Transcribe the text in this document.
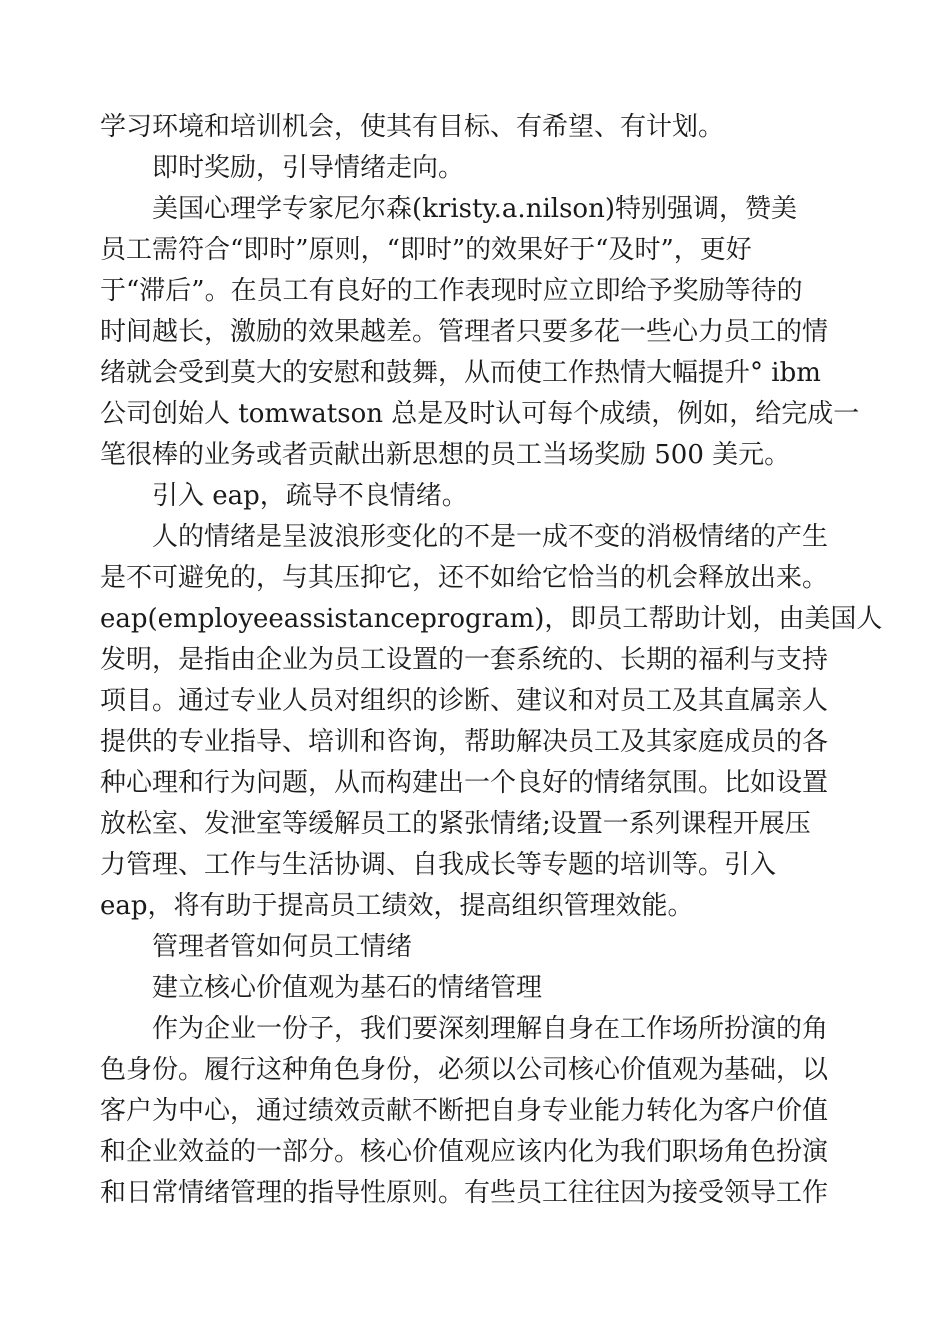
学习环境和培训机会，使其有目标、有希望、有计划。
即时奖励，引导情绪走向。
美国心理学专家尼尔森(kristy.a.nilson)特别强调，赞美
员工需符合“即时”原则，“即时”的效果好于“及时”，更好
于“滞后”。在员工有良好的工作表现时应立即给予奖励等待的
时间越长，激励的效果越差。管理者只要多花一些心力员工的情
绪就会受到莫大的安慰和鼓舞，从而使工作热情大幅提升° ibm
公司创始人 tomwatson 总是及时认可每个成绩，例如，给完成一
笔很棒的业务或者贡献出新思想的员工当场奖励 500 美元。
引入 eap，疏导不良情绪。
人的情绪是呈波浪形变化的不是一成不变的消极情绪的产生
是不可避免的，与其压抑它，还不如给它恰当的机会释放出来。
eap(employeeassistanceprogram)，即员工帮助计划，由美国人
发明，是指由企业为员工设置的一套系统的、长期的福利与支持
项目。通过专业人员对组织的诊断、建议和对员工及其直属亲人
提供的专业指导、培训和咨询，帮助解决员工及其家庭成员的各
种心理和行为问题，从而构建出一个良好的情绪氛围。比如设置
放松室、发泄室等缓解员工的紧张情绪;设置一系列课程开展压
力管理、工作与生活协调、自我成长等专题的培训等。引入
eap，将有助于提高员工绩效，提高组织管理效能。
管理者管如何员工情绪
建立核心价值观为基石的情绪管理
作为企业一份子，我们要深刻理解自身在工作场所扮演的角
色身份。履行这种角色身份，必须以公司核心价值观为基础，以
客户为中心，通过绩效贡献不断把自身专业能力转化为客户价值
和企业效益的一部分。核心价值观应该内化为我们职场角色扮演
和日常情绪管理的指导性原则。有些员工往往因为接受领导工作
